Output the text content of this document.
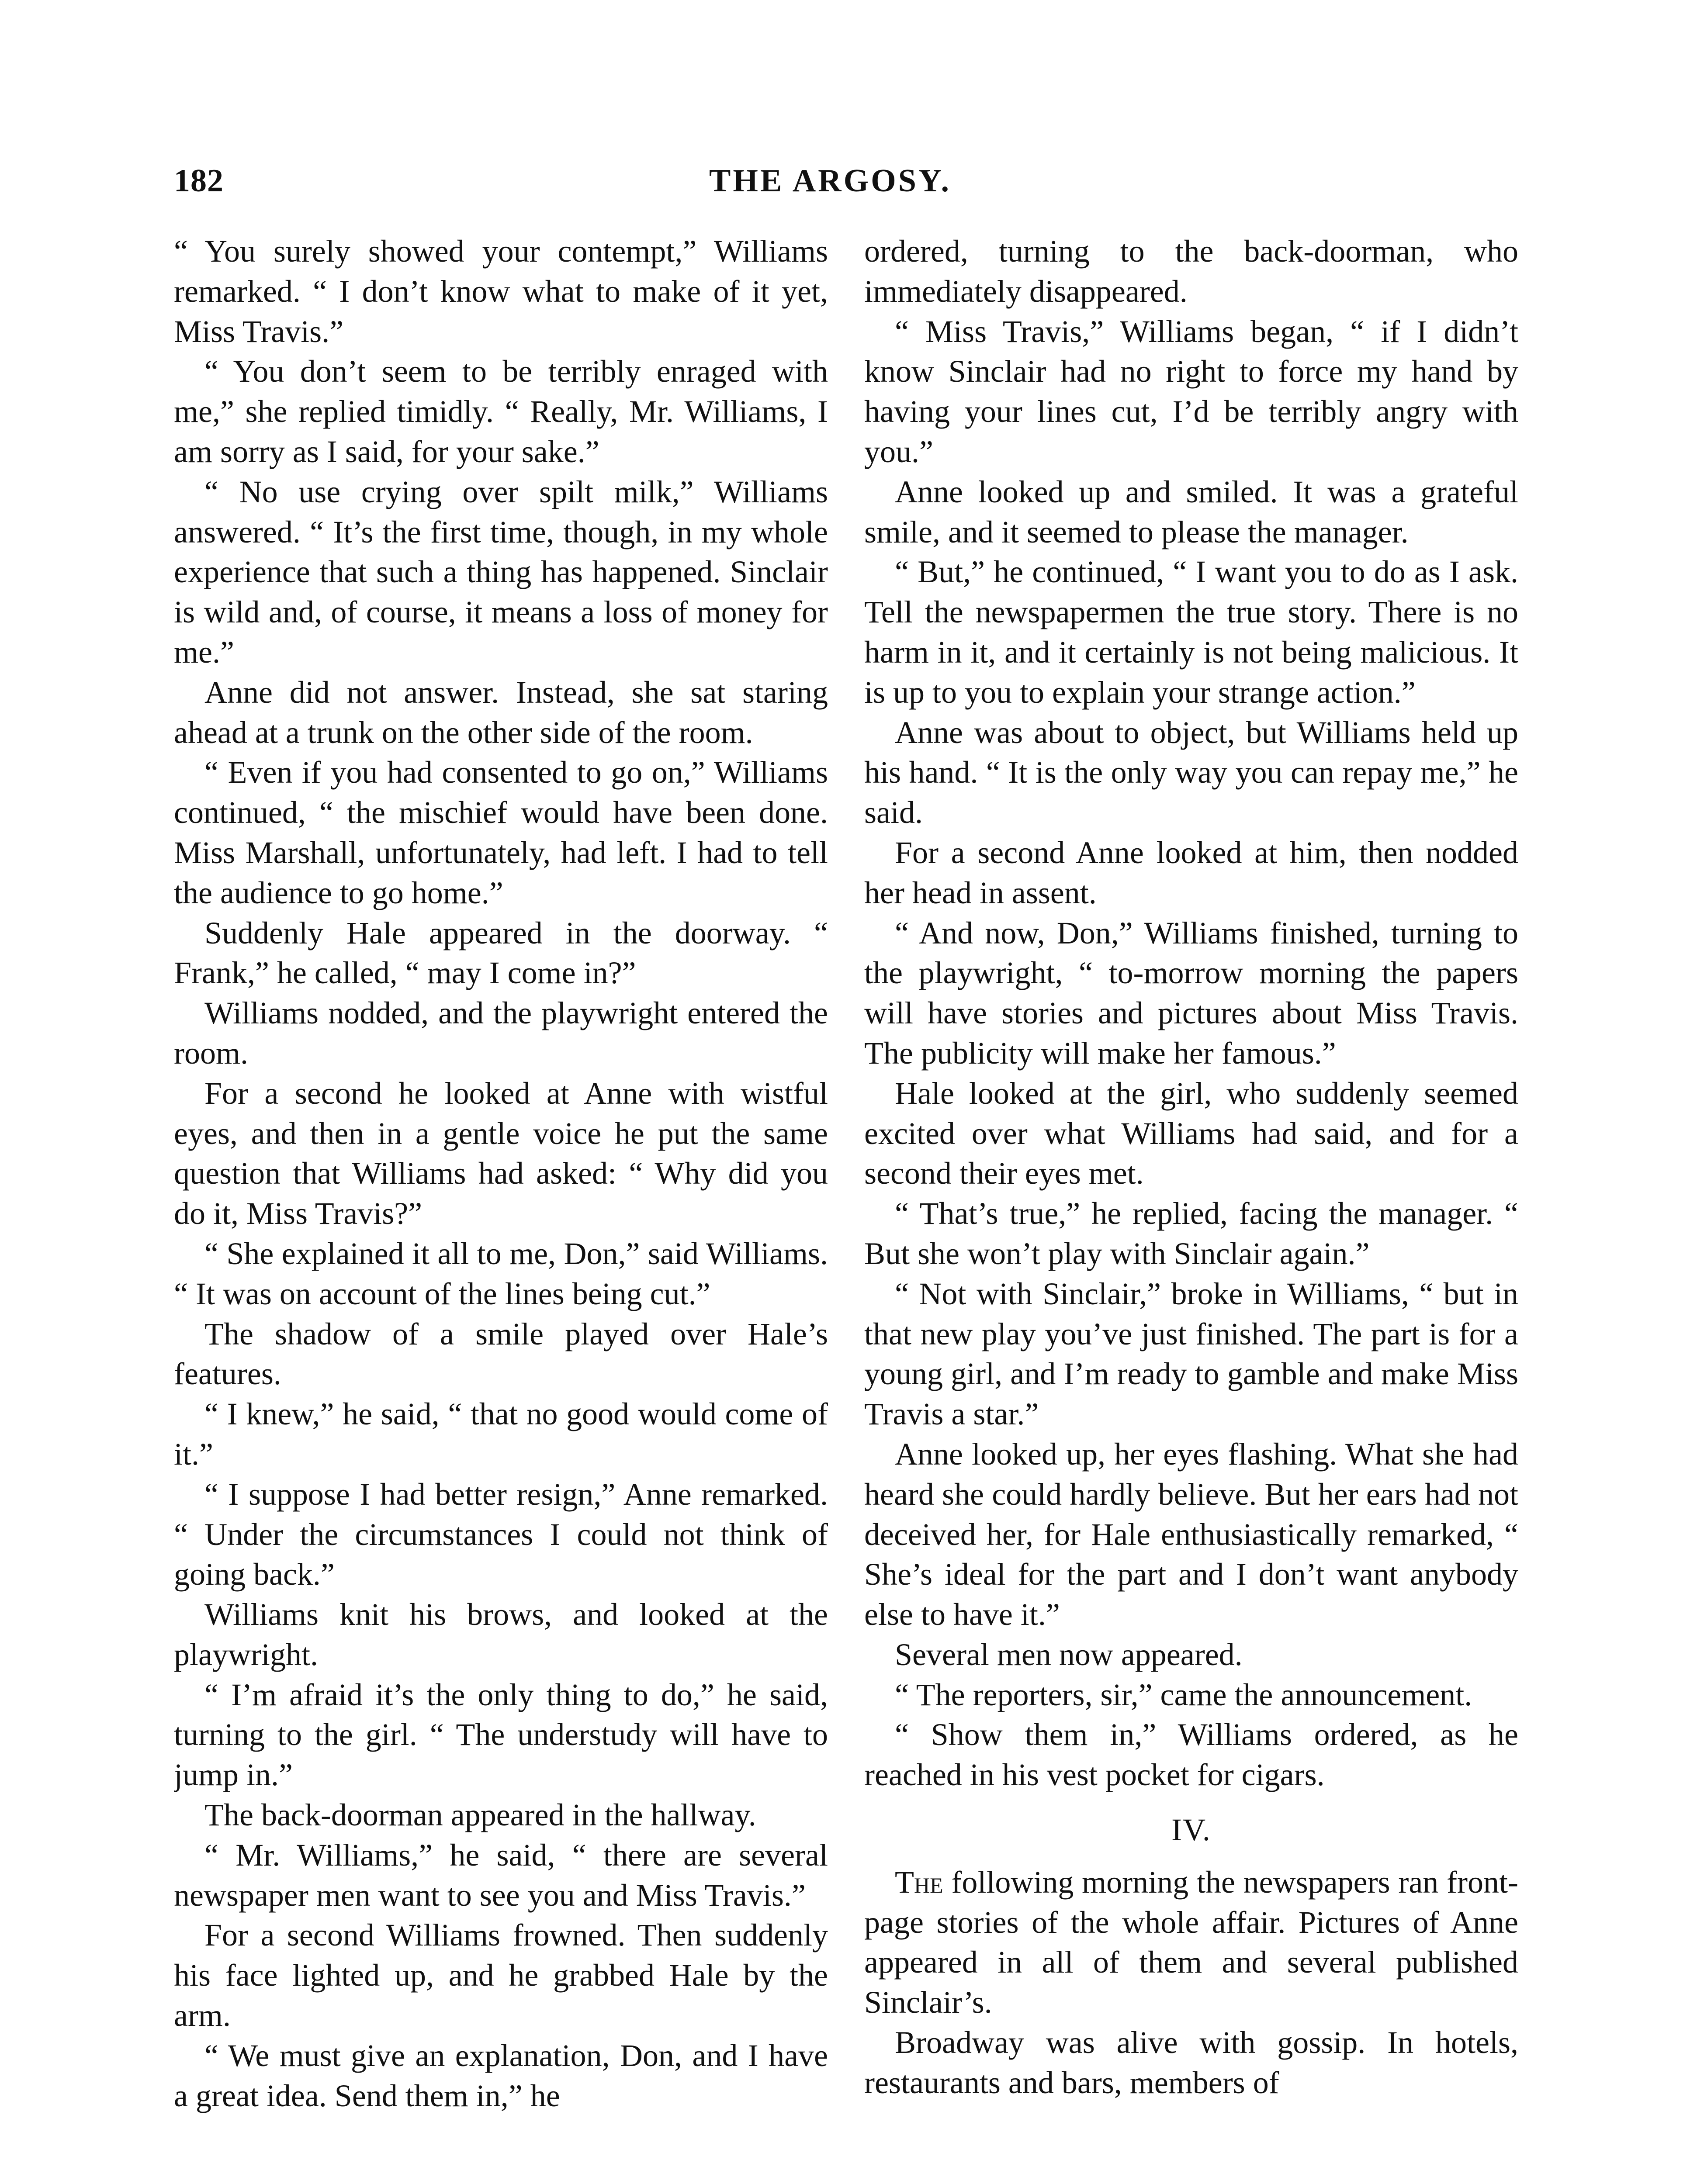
182	THE ARGOSY.

“ You surely showed your contempt,” Williams remarked. “ I don’t know what to make of it yet, Miss Travis.”

“ You don’t seem to be terribly enraged with me,” she replied timidly. “ Really, Mr. Williams, I am sorry as I said, for your sake.”

“ No use crying over spilt milk,” Williams answered. “ It’s the first time, though, in my whole experience that such a thing has happened. Sinclair is wild and, of course, it means a loss of money for me.”

Anne did not answer. Instead, she sat staring ahead at a trunk on the other side of the room.

“ Even if you had consented to go on,” Williams continued, “ the mischief would have been done. Miss Marshall, unfortunately, had left. I had to tell the audience to go home.”

Suddenly Hale appeared in the doorway. “ Frank,” he called, “ may I come in?”

Williams nodded, and the playwright entered the room.

For a second he looked at Anne with wistful eyes, and then in a gentle voice he put the same question that Williams had asked: “ Why did you do it, Miss Travis?”

“ She explained it all to me, Don,” said Williams. “ It was on account of the lines being cut.”

The shadow of a smile played over Hale’s features.

“ I knew,” he said, “ that no good would come of it.”

“ I suppose I had better resign,” Anne remarked. “ Under the circumstances I could not think of going back.”

Williams knit his brows, and looked at the playwright.

“ I’m afraid it’s the only thing to do,” he said, turning to the girl. “ The understudy will have to jump in.”

The back-doorman appeared in the hallway.

“ Mr. Williams,” he said, “ there are several newspaper men want to see you and Miss Travis.”

For a second Williams frowned. Then suddenly his face lighted up, and he grabbed Hale by the arm.

“ We must give an explanation, Don, and I have a great idea. Send them in,” he

ordered, turning to the back-doorman, who immediately disappeared.

“ Miss Travis,” Williams began, “ if I didn’t know Sinclair had no right to force my hand by having your lines cut, I’d be terribly angry with you.”

Anne looked up and smiled. It was a grateful smile, and it seemed to please the manager.

“ But,” he continued, “ I want you to do as I ask. Tell the newspapermen the true story. There is no harm in it, and it certainly is not being malicious. It is up to you to explain your strange action.”

Anne was about to object, but Williams held up his hand. “ It is the only way you can repay me,” he said.

For a second Anne looked at him, then nodded her head in assent.

“ And now, Don,” Williams finished, turning to the playwright, “ to-morrow morning the papers will have stories and pictures about Miss Travis. The publicity will make her famous.”

Hale looked at the girl, who suddenly seemed excited over what Williams had said, and for a second their eyes met.

“ That’s true,” he replied, facing the manager. “ But she won’t play with Sinclair again.”

“ Not with Sinclair,” broke in Williams, “ but in that new play you’ve just finished. The part is for a young girl, and I’m ready to gamble and make Miss Travis a star.”

Anne looked up, her eyes flashing. What she had heard she could hardly believe. But her ears had not deceived her, for Hale enthusiastically remarked, “ She’s ideal for the part and I don’t want anybody else to have it.”

Several men now appeared.

“ The reporters, sir,” came the announcement.

“ Show them in,” Williams ordered, as he reached in his vest pocket for cigars.

IV.

The following morning the newspapers ran front-page stories of the whole affair. Pictures of Anne appeared in all of them and several published Sinclair’s.

Broadway was alive with gossip. In hotels, restaurants and bars, members of
